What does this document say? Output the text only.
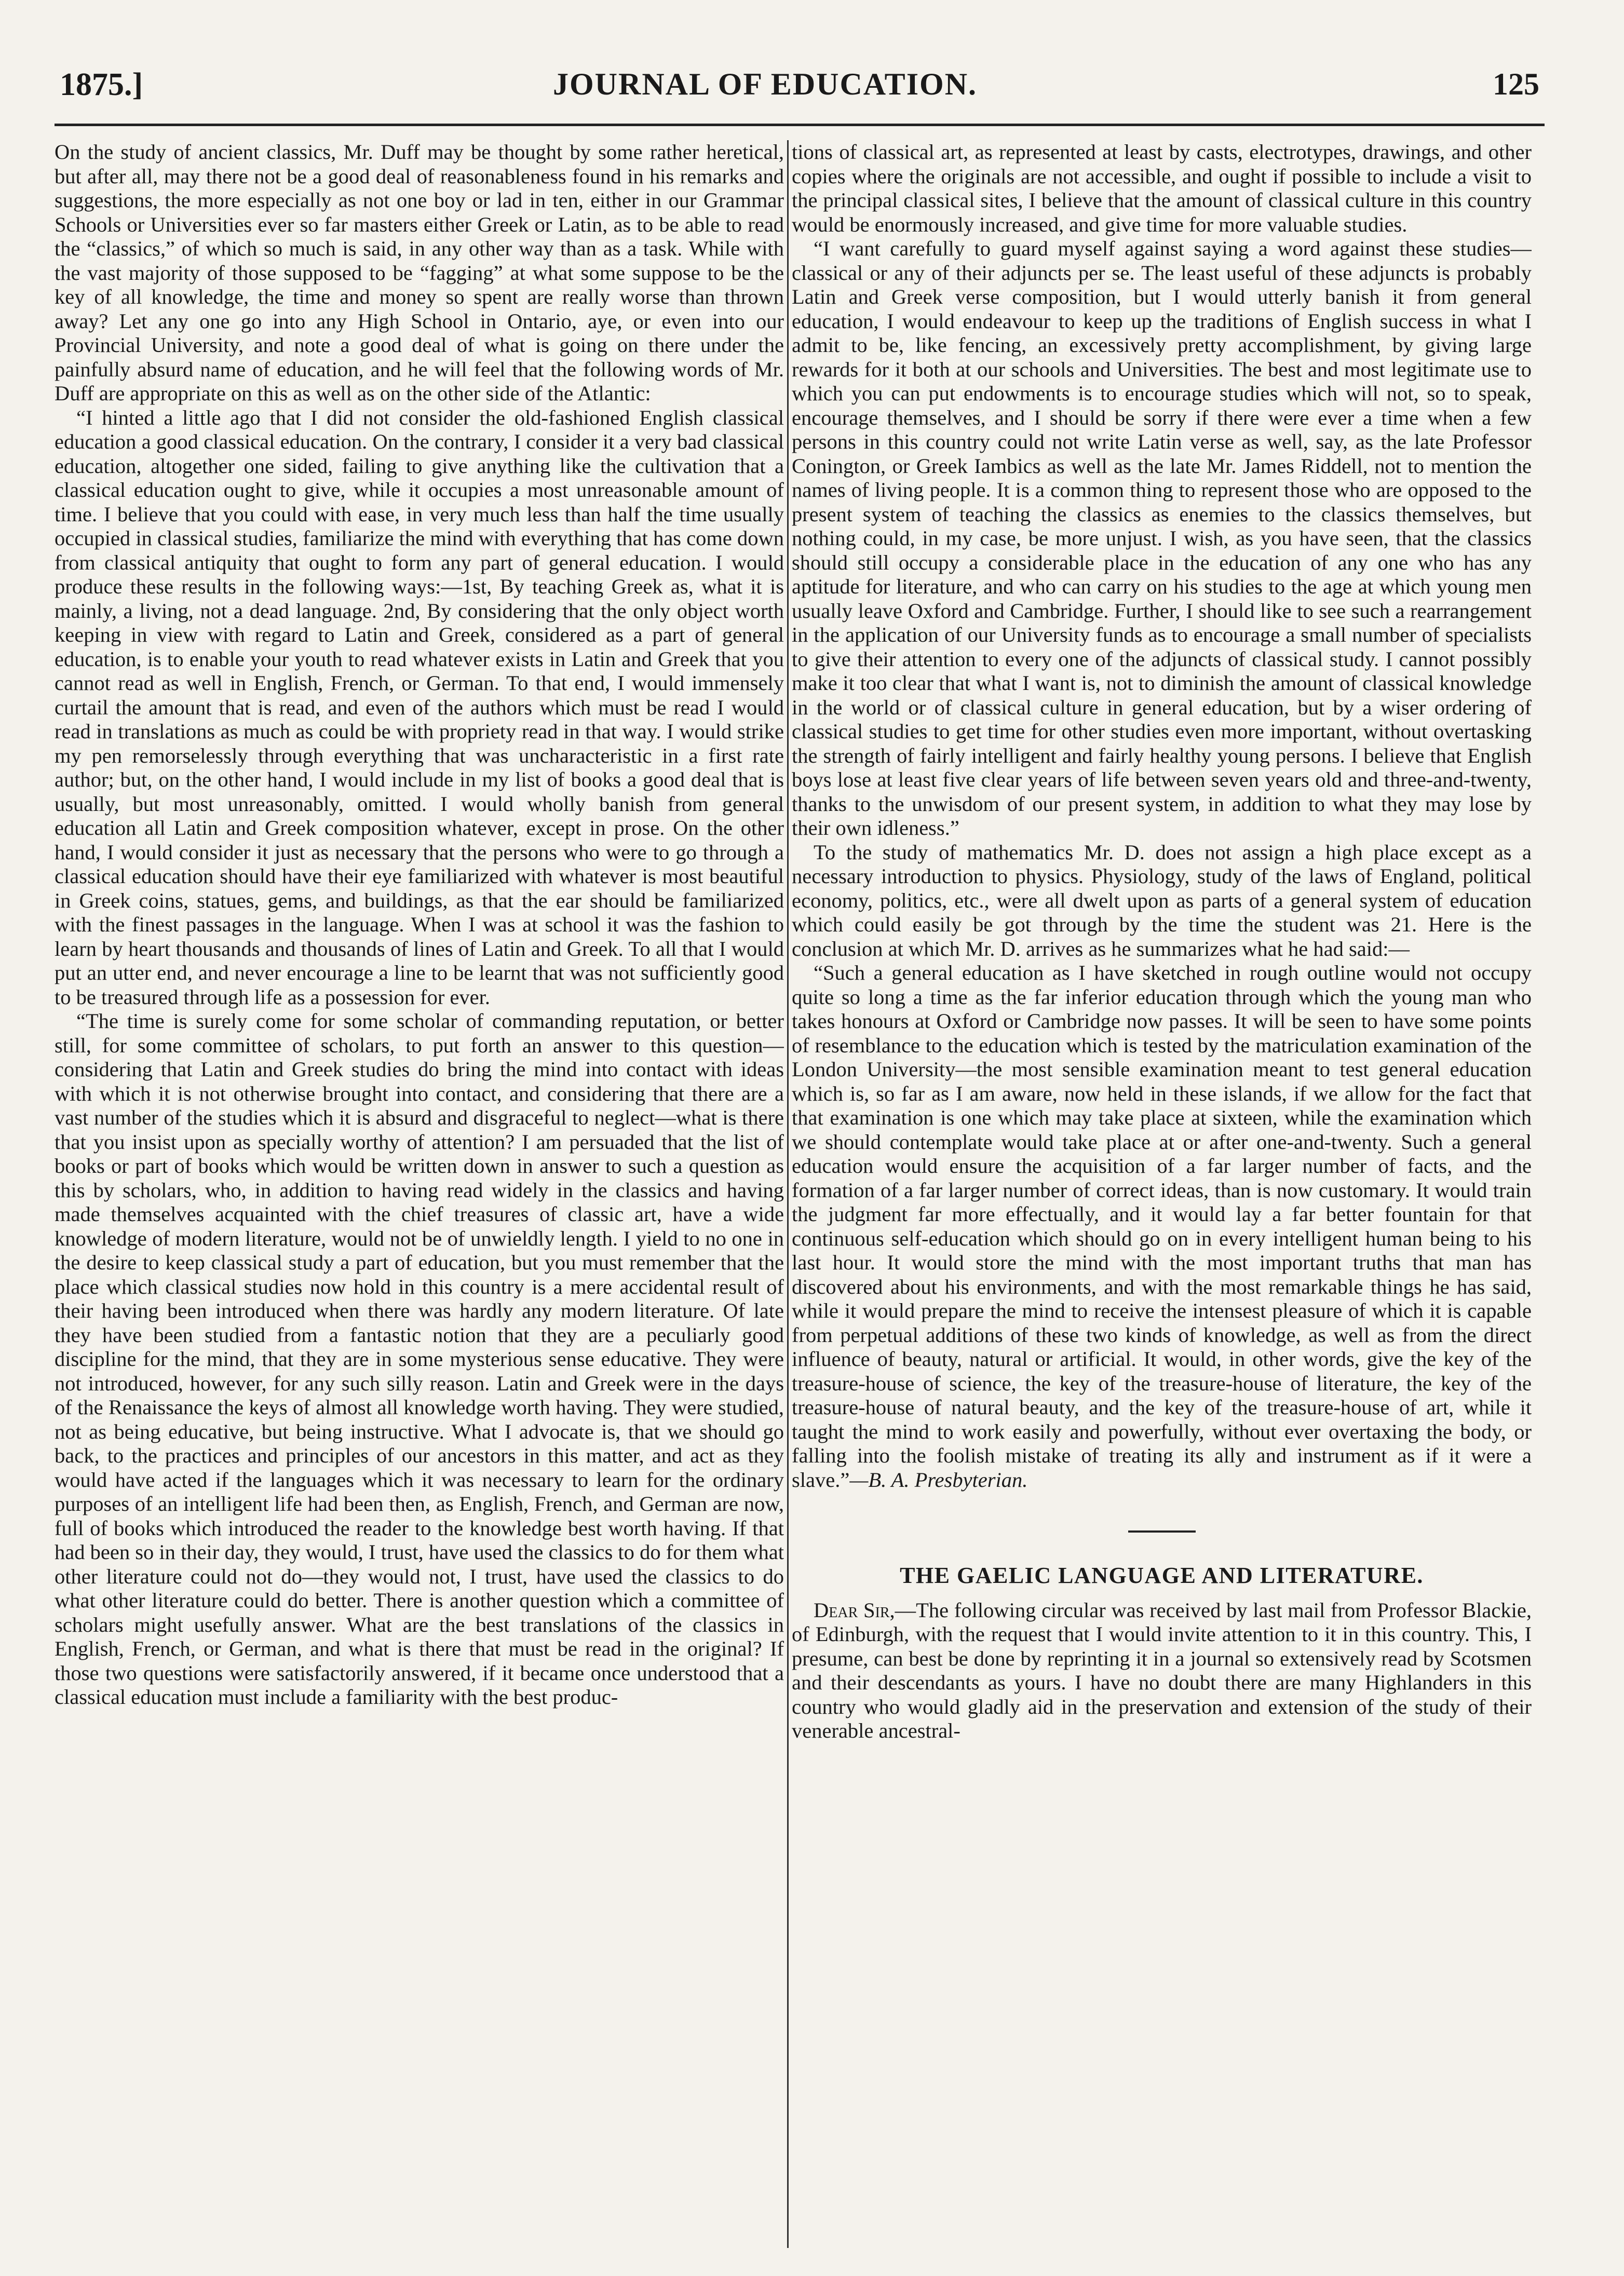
1875.]	JOURNAL OF EDUCATION.	125

On the study of ancient classics, Mr. Duff may be thought by some rather heretical, but after all, may there not be a good deal of reasonableness found in his remarks and suggestions, the more especially as not one boy or lad in ten, either in our Grammar Schools or Universities ever so far masters either Greek or Latin, as to be able to read the “classics,” of which so much is said, in any other way than as a task. While with the vast majority of those supposed to be “fagging” at what some suppose to be the key of all knowledge, the time and money so spent are really worse than thrown away? Let any one go into any High School in Ontario, aye, or even into our Provincial University, and note a good deal of what is going on there under the painfully absurd name of education, and he will feel that the following words of Mr. Duff are appropriate on this as well as on the other side of the Atlantic:

“I hinted a little ago that I did not consider the old-fashioned English classical education a good classical education. On the contrary, I consider it a very bad classical education, altogether one sided, failing to give anything like the cultivation that a classical education ought to give, while it occupies a most unreasonable amount of time. I believe that you could with ease, in very much less than half the time usually occupied in classical studies, familiarize the mind with everything that has come down from classical antiquity that ought to form any part of general education. I would produce these results in the following ways:—1st, By teaching Greek as, what it is mainly, a living, not a dead language. 2nd, By considering that the only object worth keeping in view with regard to Latin and Greek, considered as a part of general education, is to enable your youth to read whatever exists in Latin and Greek that you cannot read as well in English, French, or German. To that end, I would immensely curtail the amount that is read, and even of the authors which must be read I would read in translations as much as could be with propriety read in that way. I would strike my pen remorselessly through everything that was uncharacteristic in a first rate author; but, on the other hand, I would include in my list of books a good deal that is usually, but most unreasonably, omitted. I would wholly banish from general education all Latin and Greek composition whatever, except in prose. On the other hand, I would consider it just as necessary that the persons who were to go through a classical education should have their eye familiarized with whatever is most beautiful in Greek coins, statues, gems, and buildings, as that the ear should be familiarized with the finest passages in the language. When I was at school it was the fashion to learn by heart thousands and thousands of lines of Latin and Greek. To all that I would put an utter end, and never encourage a line to be learnt that was not sufficiently good to be treasured through life as a possession for ever.

“The time is surely come for some scholar of commanding reputation, or better still, for some committee of scholars, to put forth an answer to this question—considering that Latin and Greek studies do bring the mind into contact with ideas with which it is not otherwise brought into contact, and considering that there are a vast number of the studies which it is absurd and disgraceful to neglect—what is there that you insist upon as specially worthy of attention? I am persuaded that the list of books or part of books which would be written down in answer to such a question as this by scholars, who, in addition to having read widely in the classics and having made themselves acquainted with the chief treasures of classic art, have a wide knowledge of modern literature, would not be of unwieldly length. I yield to no one in the desire to keep classical study a part of education, but you must remember that the place which classical studies now hold in this country is a mere accidental result of their having been introduced when there was hardly any modern literature. Of late they have been studied from a fantastic notion that they are a peculiarly good discipline for the mind, that they are in some mysterious sense educative. They were not introduced, however, for any such silly reason. Latin and Greek were in the days of the Renaissance the keys of almost all knowledge worth having. They were studied, not as being educative, but being instructive. What I advocate is, that we should go back, to the practices and principles of our ancestors in this matter, and act as they would have acted if the languages which it was necessary to learn for the ordinary purposes of an intelligent life had been then, as English, French, and German are now, full of books which introduced the reader to the knowledge best worth having. If that had been so in their day, they would, I trust, have used the classics to do for them what other literature could not do—they would not, I trust, have used the classics to do what other literature could do better. There is another question which a committee of scholars might usefully answer. What are the best translations of the classics in English, French, or German, and what is there that must be read in the original? If those two questions were satisfactorily answered, if it became once understood that a classical education must include a familiarity with the best produc-

tions of classical art, as represented at least by casts, electrotypes, drawings, and other copies where the originals are not accessible, and ought if possible to include a visit to the principal classical sites, I believe that the amount of classical culture in this country would be enormously increased, and give time for more valuable studies.

“I want carefully to guard myself against saying a word against these studies—classical or any of their adjuncts per se. The least useful of these adjuncts is probably Latin and Greek verse composition, but I would utterly banish it from general education, I would endeavour to keep up the traditions of English success in what I admit to be, like fencing, an excessively pretty accomplishment, by giving large rewards for it both at our schools and Universities. The best and most legitimate use to which you can put endowments is to encourage studies which will not, so to speak, encourage themselves, and I should be sorry if there were ever a time when a few persons in this country could not write Latin verse as well, say, as the late Professor Conington, or Greek Iambics as well as the late Mr. James Riddell, not to mention the names of living people. It is a common thing to represent those who are opposed to the present system of teaching the classics as enemies to the classics themselves, but nothing could, in my case, be more unjust. I wish, as you have seen, that the classics should still occupy a considerable place in the education of any one who has any aptitude for literature, and who can carry on his studies to the age at which young men usually leave Oxford and Cambridge. Further, I should like to see such a rearrangement in the application of our University funds as to encourage a small number of specialists to give their attention to every one of the adjuncts of classical study. I cannot possibly make it too clear that what I want is, not to diminish the amount of classical knowledge in the world or of classical culture in general education, but by a wiser ordering of classical studies to get time for other studies even more important, without overtasking the strength of fairly intelligent and fairly healthy young persons. I believe that English boys lose at least five clear years of life between seven years old and three-and-twenty, thanks to the unwisdom of our present system, in addition to what they may lose by their own idleness.”

To the study of mathematics Mr. D. does not assign a high place except as a necessary introduction to physics. Physiology, study of the laws of England, political economy, politics, etc., were all dwelt upon as parts of a general system of education which could easily be got through by the time the student was 21. Here is the conclusion at which Mr. D. arrives as he summarizes what he had said:—

“Such a general education as I have sketched in rough outline would not occupy quite so long a time as the far inferior education through which the young man who takes honours at Oxford or Cambridge now passes. It will be seen to have some points of resemblance to the education which is tested by the matriculation examination of the London University—the most sensible examination meant to test general education which is, so far as I am aware, now held in these islands, if we allow for the fact that that examination is one which may take place at sixteen, while the examination which we should contemplate would take place at or after one-and-twenty. Such a general education would ensure the acquisition of a far larger number of facts, and the formation of a far larger number of correct ideas, than is now customary. It would train the judgment far more effectually, and it would lay a far better fountain for that continuous self-education which should go on in every intelligent human being to his last hour. It would store the mind with the most important truths that man has discovered about his environments, and with the most remarkable things he has said, while it would prepare the mind to receive the intensest pleasure of which it is capable from perpetual additions of these two kinds of knowledge, as well as from the direct influence of beauty, natural or artificial. It would, in other words, give the key of the treasure-house of science, the key of the treasure-house of literature, the key of the treasure-house of natural beauty, and the key of the treasure-house of art, while it taught the mind to work easily and powerfully, without ever overtaxing the body, or falling into the foolish mistake of treating its ally and instrument as if it were a slave.”—B. A. Presbyterian.

THE GAELIC LANGUAGE AND LITERATURE.

Dear Sir,—The following circular was received by last mail from Professor Blackie, of Edinburgh, with the request that I would invite attention to it in this country. This, I presume, can best be done by reprinting it in a journal so extensively read by Scotsmen and their descendants as yours. I have no doubt there are many Highlanders in this country who would gladly aid in the preservation and extension of the study of their venerable ancestral-
